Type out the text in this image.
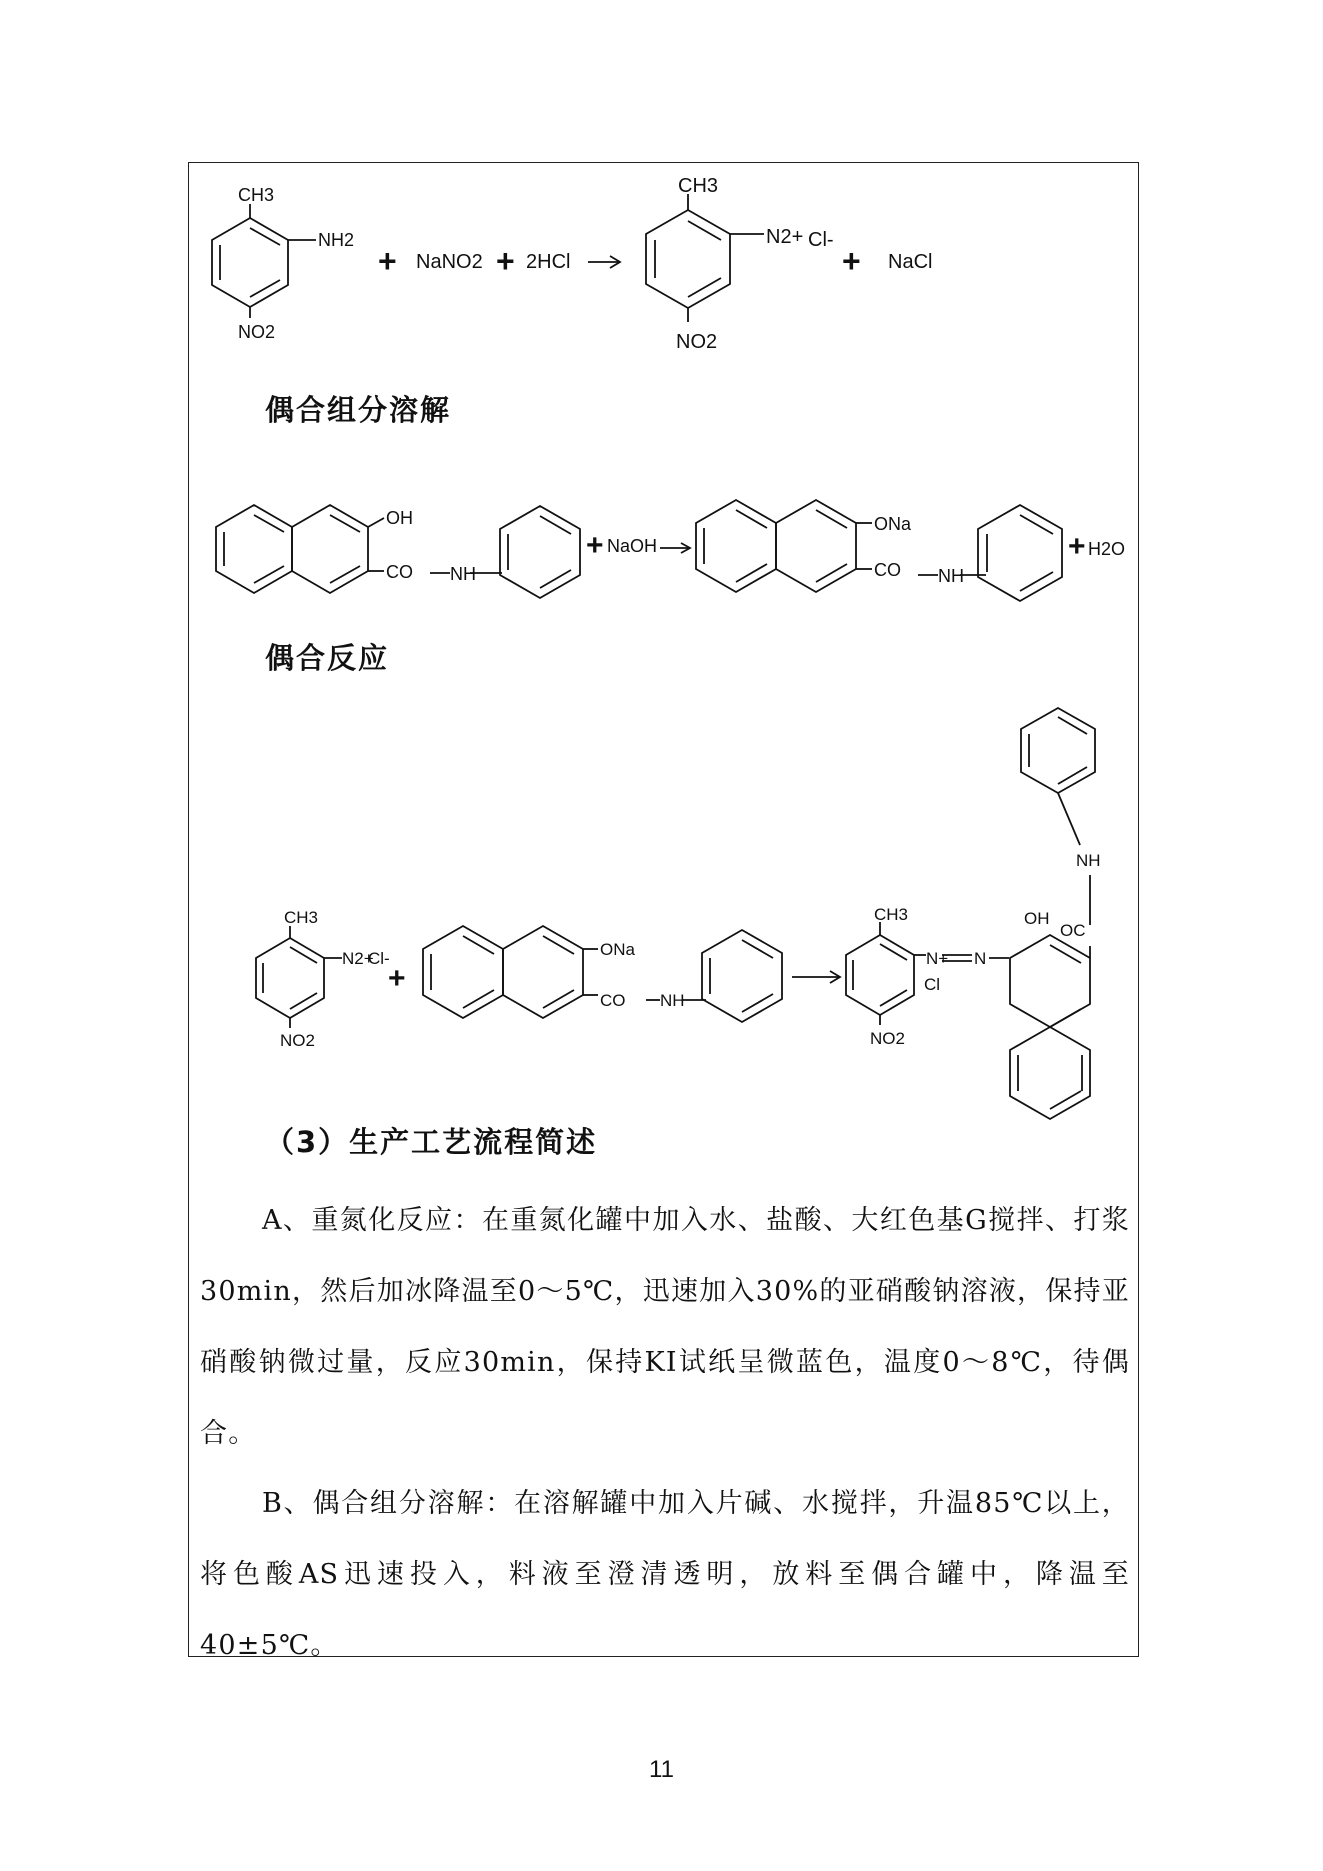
CH3
NH2
NO2
+ NaNO2 + 2HCl
CH3
N2+ Cl-
NO2
+ NaCl
OH
CO NH
+ NaOH
ONa
CO NH
+ H2O
CH3
N2+
Cl-
NO2
+
ONa
CO NH
CH3
N+ N
Cl
NO2
OH
OC
NH
偶合组分溶解
偶合反应
（3）生产工艺流程简述

A、重氮化反应：在重氮化罐中加入水、盐酸、大红色基G搅拌、打浆30min，然后加冰降温至0～5℃，迅速加入30%的亚硝酸钠溶液，保持亚硝酸钠微过量，反应30min，保持KI试纸呈微蓝色，温度0～8℃，待偶合。

B、偶合组分溶解：在溶解罐中加入片碱、水搅拌，升温85℃以上，将色酸AS迅速投入，料液至澄清透明，放料至偶合罐中，降温至40±5℃。

11
